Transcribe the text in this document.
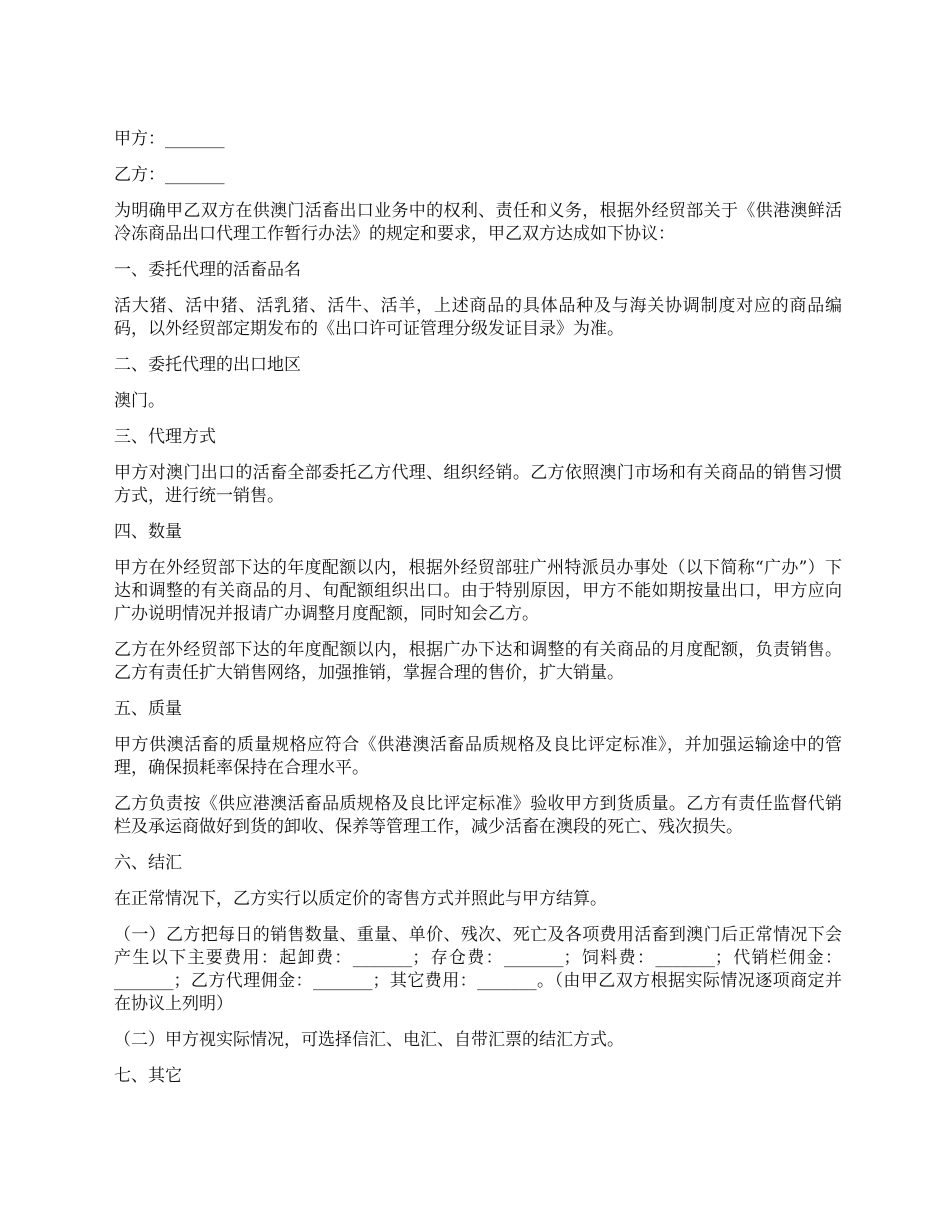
甲方：_______

乙方：_______

为明确甲乙双方在供澳门活畜出口业务中的权利、责任和义务，根据外经贸部关于《供港澳鲜活冷冻商品出口代理工作暂行办法》的规定和要求，甲乙双方达成如下协议：

一、委托代理的活畜品名

活大猪、活中猪、活乳猪、活牛、活羊，上述商品的具体品种及与海关协调制度对应的商品编码，以外经贸部定期发布的《出口许可证管理分级发证目录》为准。

二、委托代理的出口地区

澳门。

三、代理方式

甲方对澳门出口的活畜全部委托乙方代理、组织经销。乙方依照澳门市场和有关商品的销售习惯方式，进行统一销售。

四、数量

甲方在外经贸部下达的年度配额以内，根据外经贸部驻广州特派员办事处（以下简称“广办”）下达和调整的有关商品的月、旬配额组织出口。由于特别原因，甲方不能如期按量出口，甲方应向广办说明情况并报请广办调整月度配额，同时知会乙方。

乙方在外经贸部下达的年度配额以内，根据广办下达和调整的有关商品的月度配额，负责销售。乙方有责任扩大销售网络，加强推销，掌握合理的售价，扩大销量。

五、质量

甲方供澳活畜的质量规格应符合《供港澳活畜品质规格及良比评定标准》，并加强运输途中的管理，确保损耗率保持在合理水平。

乙方负责按《供应港澳活畜品质规格及良比评定标准》验收甲方到货质量。乙方有责任监督代销栏及承运商做好到货的卸收、保养等管理工作，减少活畜在澳段的死亡、残次损失。

六、结汇

在正常情况下，乙方实行以质定价的寄售方式并照此与甲方结算。

（一）乙方把每日的销售数量、重量、单价、残次、死亡及各项费用活畜到澳门后正常情况下会产生以下主要费用：起卸费：_______；存仓费：_______；饲料费：_______；代销栏佣金：_______；乙方代理佣金：_______；其它费用：_______。（由甲乙双方根据实际情况逐项商定并在协议上列明）

（二）甲方视实际情况，可选择信汇、电汇、自带汇票的结汇方式。

七、其它
